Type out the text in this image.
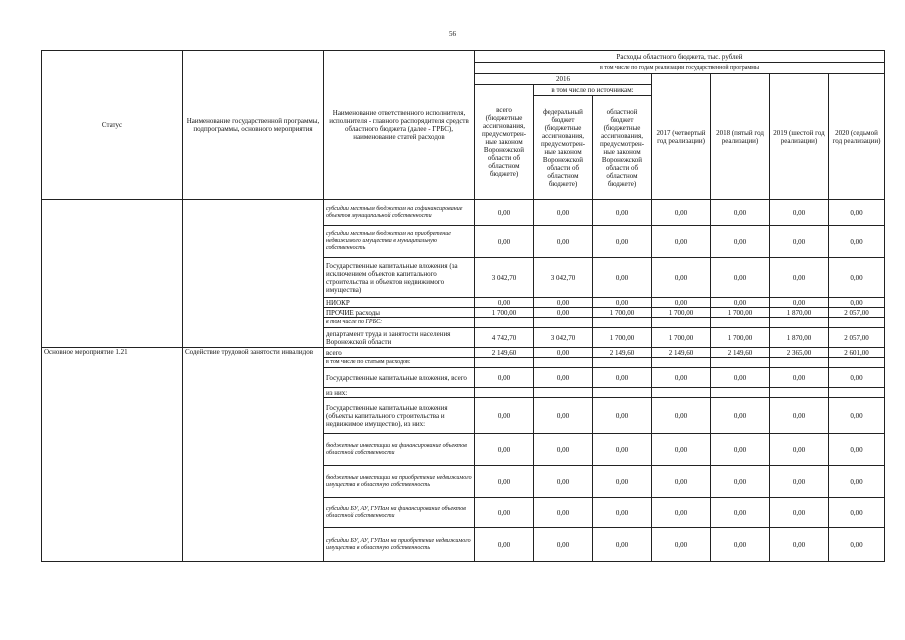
56
Статус	Наименование государственной программы, подпрограммы, основного мероприятия	Наименование ответственного исполнителя, исполнителя - главного распорядителя средств областного бюджета (далее - ГРБС), наименование статей расходов	Расходы областного бюджета, тыс. рублей						
			в том числе по годам реализации государственной программы						
			2016			2017 (четвертый год реализации)	2018 (пятый год реализации)	2019 (шестой год реализации)	2020 (седьмой год реализации)
			всего (бюджетные ассигнования, предусмотрен-ные законом Воронежской области об областном бюджете)	в том числе по источникам:					
				федеральный бюджет (бюджетные ассигнования, предусмотрен-ные законом Воронежской области об областном бюджете)	областной бюджет (бюджетные ассигнования, предусмотрен-ные законом Воронежской области об областном бюджете)				
		субсидии местным бюджетам на софинансирование объектов муниципальной собственности	0,00	0,00	0,00	0,00	0,00	0,00	0,00
		субсидии местным бюджетам на приобретение недвижимого имущества в муниципальную собственность	0,00	0,00	0,00	0,00	0,00	0,00	0,00
		Государственные капитальные вложения (за исключением объектов капитального строительства и объектов недвижимого имущества)	3 042,70	3 042,70	0,00	0,00	0,00	0,00	0,00
		НИОКР	0,00	0,00	0,00	0,00	0,00	0,00	0,00
		ПРОЧИЕ расходы	1 700,00	0,00	1 700,00	1 700,00	1 700,00	1 870,00	2 057,00
		в том числе по ГРБС:							
		департамент труда и занятости населения Воронежской области	4 742,70	3 042,70	1 700,00	1 700,00	1 700,00	1 870,00	2 057,00
Основное мероприятие 1.21	Содействие трудовой занятости инвалидов	всего	2 149,60	0,00	2 149,60	2 149,60	2 149,60	2 365,00	2 601,00
		в том числе по статьям расходов:							
		Государственные капитальные вложения, всего	0,00	0,00	0,00	0,00	0,00	0,00	0,00
		из них:							
		Государственные капитальные вложения (объекты капитального строительства и недвижимое имущество), из них:	0,00	0,00	0,00	0,00	0,00	0,00	0,00
		бюджетные инвестиции на финансирование объектов областной собственности	0,00	0,00	0,00	0,00	0,00	0,00	0,00
		бюджетные инвестиции на приобретение недвижимого имущества в областную собственность	0,00	0,00	0,00	0,00	0,00	0,00	0,00
		субсидии БУ, АУ, ГУПам на финансирование объектов областной собственности	0,00	0,00	0,00	0,00	0,00	0,00	0,00
		субсидии БУ, АУ, ГУПам на приобретение недвижимого имущества в областную собственность	0,00	0,00	0,00	0,00	0,00	0,00	0,00
